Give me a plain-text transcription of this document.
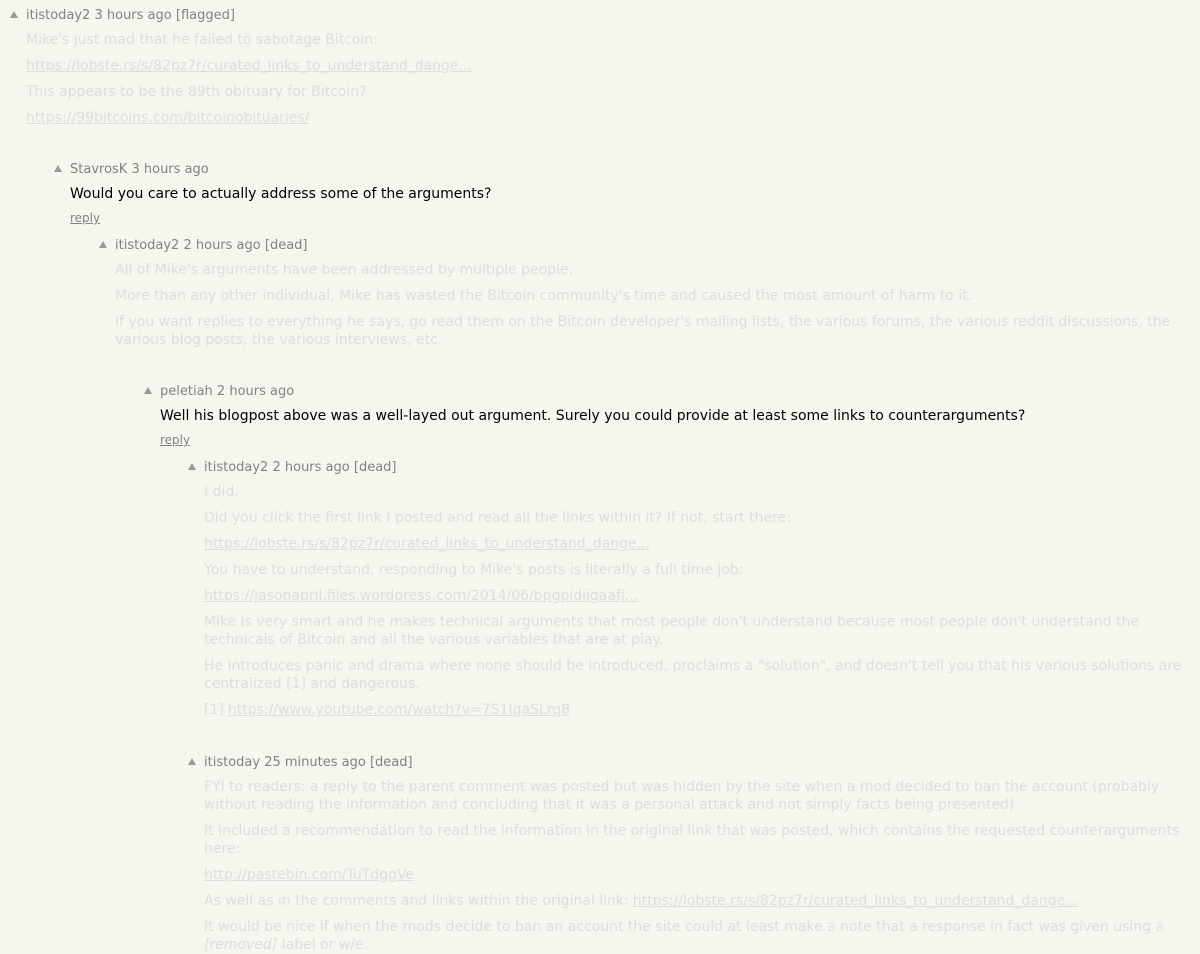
itistoday2 3 hours ago [flagged]

Mike's just mad that he failed to sabotage Bitcoin:

https://lobste.rs/s/82pz7r/curated_links_to_understand_dange...

This appears to be the 89th obituary for Bitcoin?

https://99bitcoins.com/bitcoinobituaries/

StavrosK 3 hours ago

Would you care to actually address some of the arguments?

reply
itistoday2 2 hours ago [dead]

All of Mike's arguments have been addressed by multiple people.

More than any other individual, Mike has wasted the Bitcoin community's time and caused the most amount of harm to it.

If you want replies to everything he says, go read them on the Bitcoin developer's mailing lists, the various forums, the various reddit discussions, the various blog posts, the various interviews, etc.

peletiah 2 hours ago

Well his blogpost above was a well-layed out argument. Surely you could provide at least some links to counterarguments?

reply
itistoday2 2 hours ago [dead]

I did.

Did you click the first link I posted and read all the links within it? If not, start there:

https://lobste.rs/s/82pz7r/curated_links_to_understand_dange...

You have to understand, responding to Mike's posts is literally a full time job:

https://jasonapril.files.wordpress.com/2014/06/bpgpidiigaafj...

Mike is very smart and he makes technical arguments that most people don't understand because most people don't understand the technicals of Bitcoin and all the various variables that are at play.

He introduces panic and drama where none should be introduced, proclaims a "solution", and doesn't tell you that his various solutions are centralized [1] and dangerous.

[1] https://www.youtube.com/watch?v=7S1IqaSLrq8

itistoday 25 minutes ago [dead]

FYI to readers: a reply to the parent comment was posted but was hidden by the site when a mod decided to ban the account (probably without reading the information and concluding that it was a personal attack and not simply facts being presented).

It included a recommendation to read the information in the original link that was posted, which contains the requested counterarguments here:

http://pastebin.com/TuTdggVe

As well as in the comments and links within the original link: https://lobste.rs/s/82pz7r/curated_links_to_understand_dange...

It would be nice if when the mods decide to ban an account the site could at least make a note that a response in fact was given using a [removed] label or w/e.
